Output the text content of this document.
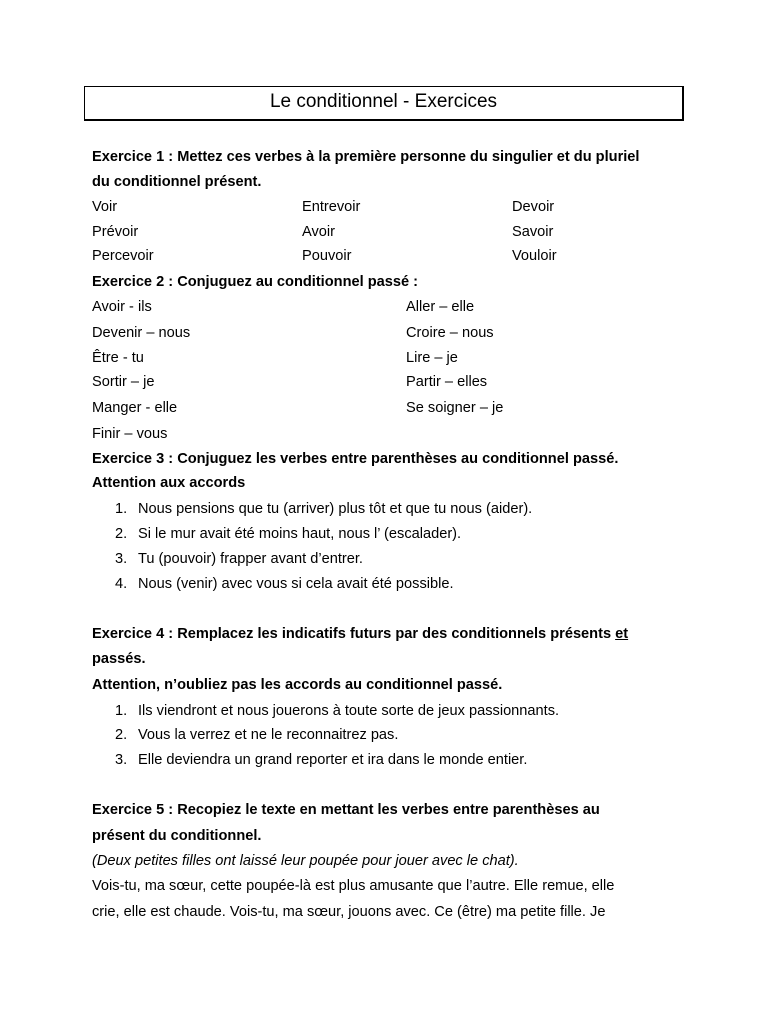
Le conditionnel - Exercices
Exercice 1 : Mettez ces verbes à la première personne du singulier et du pluriel
du conditionnel présent.
Voir	Entrevoir	Devoir
Prévoir	Avoir	Savoir
Percevoir	Pouvoir	Vouloir
Exercice 2 : Conjuguez au conditionnel passé :
Avoir - ils	Aller – elle
Devenir – nous	Croire – nous
Être - tu	Lire – je
Sortir – je	Partir – elles
Manger - elle	Se soigner – je
Finir – vous
Exercice 3 : Conjuguez les verbes entre parenthèses au conditionnel passé.
Attention aux accords
1. Nous pensions que tu (arriver) plus tôt et que tu nous (aider).
2. Si le mur avait été moins haut, nous l’ (escalader).
3. Tu (pouvoir) frapper avant d’entrer.
4. Nous (venir) avec vous si cela avait été possible.
Exercice 4 : Remplacez les indicatifs futurs par des conditionnels présents et
passés.
Attention, n’oubliez pas les accords au conditionnel passé.
1. Ils viendront et nous jouerons à toute sorte de jeux passionnants.
2. Vous la verrez et ne le reconnaitrez pas.
3. Elle deviendra un grand reporter et ira dans le monde entier.
Exercice 5 : Recopiez le texte en mettant les verbes entre parenthèses au
présent du conditionnel.
(Deux petites filles ont laissé leur poupée pour jouer avec le chat).
Vois-tu, ma sœur, cette poupée-là est plus amusante que l’autre. Elle remue, elle
crie, elle est chaude. Vois-tu, ma sœur, jouons avec. Ce (être) ma petite fille. Je
